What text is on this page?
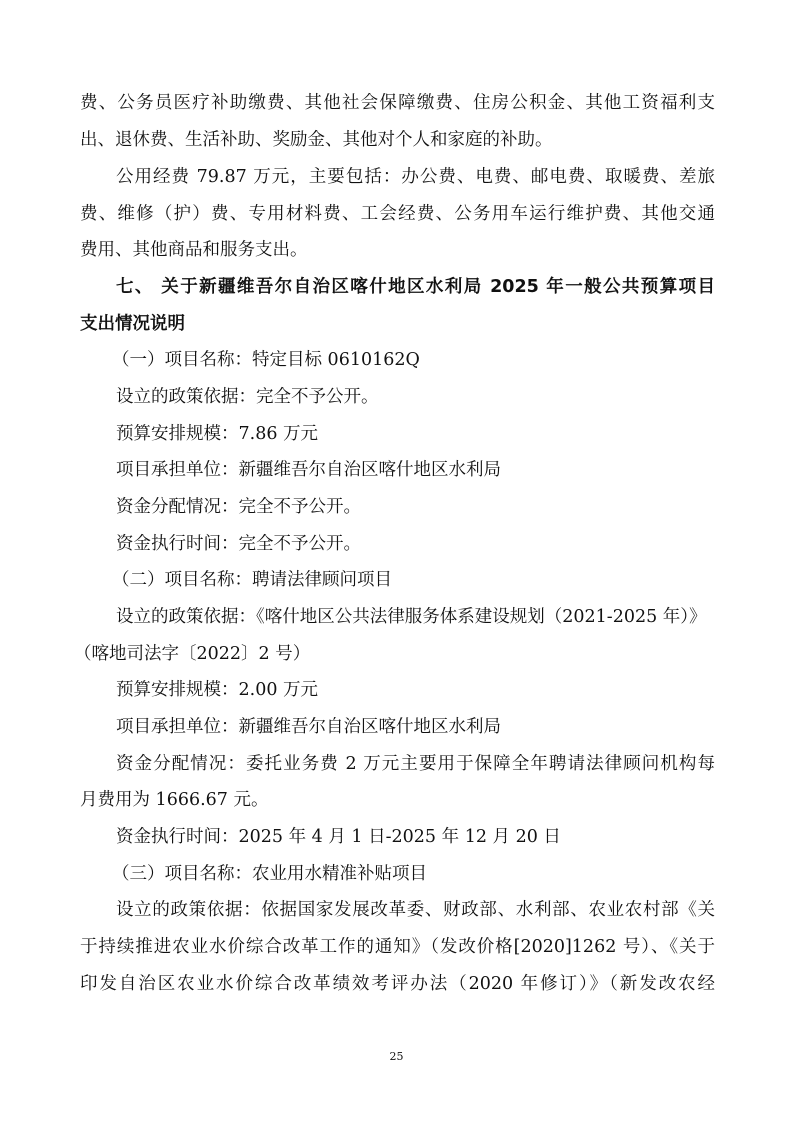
费、公务员医疗补助缴费、其他社会保障缴费、住房公积金、其他工资福利支
出、退休费、生活补助、奖励金、其他对个人和家庭的补助。
公用经费 79.87 万元，主要包括：办公费、电费、邮电费、取暖费、差旅
费、维修（护）费、专用材料费、工会经费、公务用车运行维护费、其他交通
费用、其他商品和服务支出。
七、 关于新疆维吾尔自治区喀什地区水利局 2025 年一般公共预算项目
支出情况说明
（一）项目名称：特定目标 0610162Q
设立的政策依据：完全不予公开。
预算安排规模：7.86 万元
项目承担单位：新疆维吾尔自治区喀什地区水利局
资金分配情况：完全不予公开。
资金执行时间：完全不予公开。
（二）项目名称：聘请法律顾问项目
设立的政策依据：《喀什地区公共法律服务体系建设规划（2021-2025 年）》
（喀地司法字〔2022〕2 号）
预算安排规模：2.00 万元
项目承担单位：新疆维吾尔自治区喀什地区水利局
资金分配情况：委托业务费 2 万元主要用于保障全年聘请法律顾问机构每
月费用为 1666.67 元。
资金执行时间：2025 年 4 月 1 日-2025 年 12 月 20 日
（三）项目名称：农业用水精准补贴项目
设立的政策依据：依据国家发展改革委、财政部、水利部、农业农村部《关
于持续推进农业水价综合改革工作的通知》（发改价格[2020]1262 号）、《关于
印发自治区农业水价综合改革绩效考评办法（2020 年修订）》（新发改农经
25
